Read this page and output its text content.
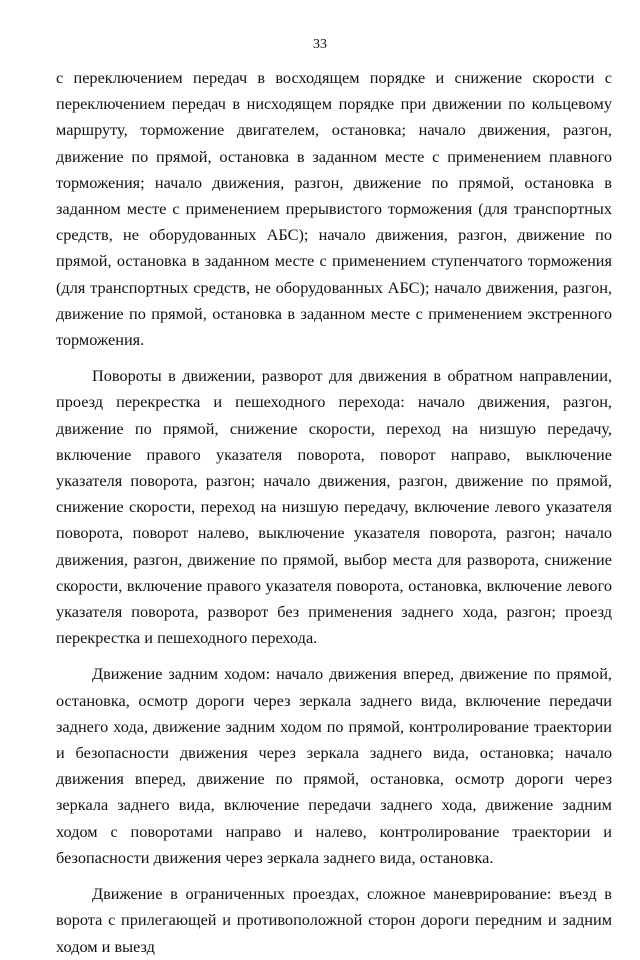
33

с переключением передач в восходящем порядке и снижение скорости с переключением передач в нисходящем порядке при движении по кольцевому маршруту, торможение двигателем, остановка; начало движения, разгон, движение по прямой, остановка в заданном месте с применением плавного торможения; начало движения, разгон, движение по прямой, остановка в заданном месте с применением прерывистого торможения (для транспортных средств, не оборудованных АБС); начало движения, разгон, движение по прямой, остановка в заданном месте с применением ступенчатого торможения (для транспортных средств, не оборудованных АБС); начало движения, разгон, движение по прямой, остановка в заданном месте с применением экстренного торможения.

Повороты в движении, разворот для движения в обратном направлении, проезд перекрестка и пешеходного перехода: начало движения, разгон, движение по прямой, снижение скорости, переход на низшую передачу, включение правого указателя поворота, поворот направо, выключение указателя поворота, разгон; начало движения, разгон, движение по прямой, снижение скорости, переход на низшую передачу, включение левого указателя поворота, поворот налево, выключение указателя поворота, разгон; начало движения, разгон, движение по прямой, выбор места для разворота, снижение скорости, включение правого указателя поворота, остановка, включение левого указателя поворота, разворот без применения заднего хода, разгон; проезд перекрестка и пешеходного перехода.

Движение задним ходом: начало движения вперед, движение по прямой, остановка, осмотр дороги через зеркала заднего вида, включение передачи заднего хода, движение задним ходом по прямой, контролирование траектории и безопасности движения через зеркала заднего вида, остановка; начало движения вперед, движение по прямой, остановка, осмотр дороги через зеркала заднего вида, включение передачи заднего хода, движение задним ходом с поворотами направо и налево, контролирование траектории и безопасности движения через зеркала заднего вида, остановка.

Движение в ограниченных проездах, сложное маневрирование: въезд в ворота с прилегающей и противоположной сторон дороги передним и задним ходом и выезд
